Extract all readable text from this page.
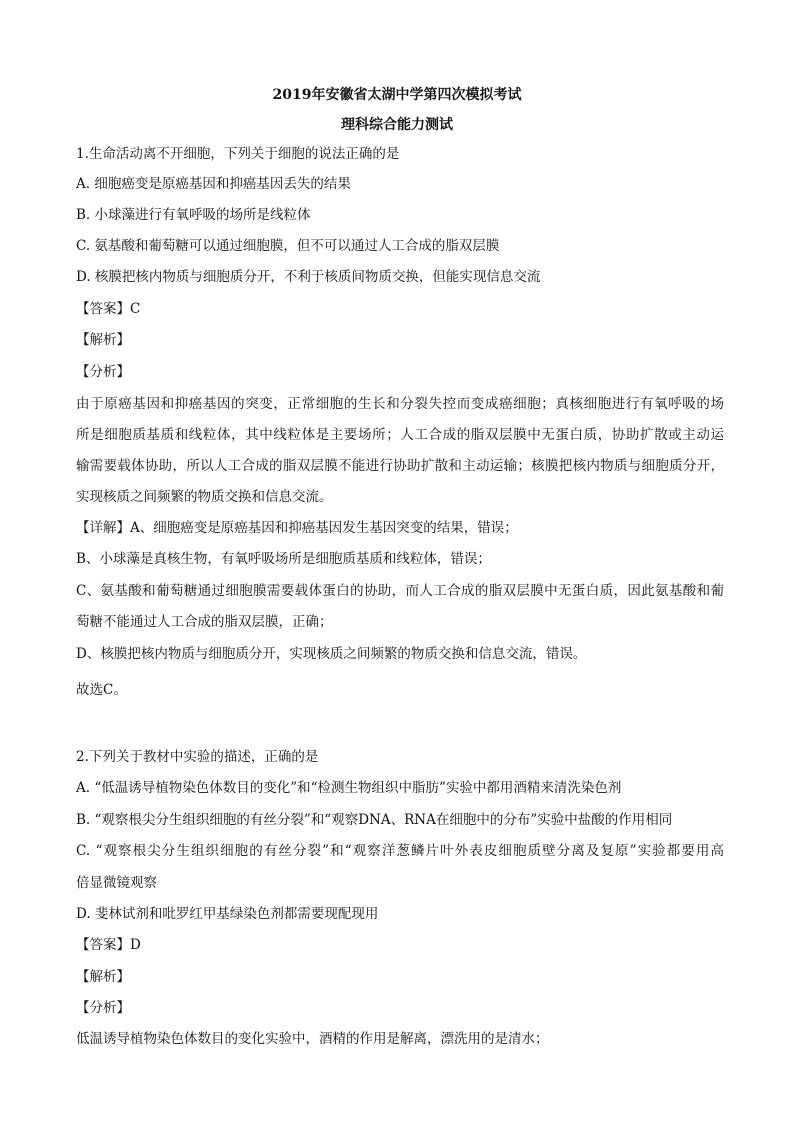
2019年安徽省太湖中学第四次模拟考试
理科综合能力测试
1.生命活动离不开细胞，下列关于细胞的说法正确的是
A. 细胞癌变是原癌基因和抑癌基因丢失的结果
B. 小球藻进行有氧呼吸的场所是线粒体
C. 氨基酸和葡萄糖可以通过细胞膜，但不可以通过人工合成的脂双层膜
D. 核膜把核内物质与细胞质分开，不利于核质间物质交换，但能实现信息交流
【答案】C
【解析】
【分析】
由于原癌基因和抑癌基因的突变，正常细胞的生长和分裂失控而变成癌细胞；真核细胞进行有氧呼吸的场
所是细胞质基质和线粒体，其中线粒体是主要场所；人工合成的脂双层膜中无蛋白质，协助扩散或主动运
输需要载体协助，所以人工合成的脂双层膜不能进行协助扩散和主动运输；核膜把核内物质与细胞质分开，
实现核质之间频繁的物质交换和信息交流。
【详解】A、细胞癌变是原癌基因和抑癌基因发生基因突变的结果，错误；
B、小球藻是真核生物，有氧呼吸场所是细胞质基质和线粒体，错误；
C、氨基酸和葡萄糖通过细胞膜需要载体蛋白的协助，而人工合成的脂双层膜中无蛋白质，因此氨基酸和葡
萄糖不能通过人工合成的脂双层膜，正确；
D、核膜把核内物质与细胞质分开，实现核质之间频繁的物质交换和信息交流，错误。
故选C。
2.下列关于教材中实验的描述，正确的是
A. “低温诱导植物染色体数目的变化”和“检测生物组织中脂肪”实验中都用酒精来清洗染色剂
B. “观察根尖分生组织细胞的有丝分裂”和“观察DNA、RNA在细胞中的分布”实验中盐酸的作用相同
C. “观察根尖分生组织细胞的有丝分裂”和“观察洋葱鳞片叶外表皮细胞质壁分离及复原”实验都要用高
倍显微镜观察
D. 斐林试剂和吡罗红甲基绿染色剂都需要现配现用
【答案】D
【解析】
【分析】
低温诱导植物染色体数目的变化实验中，酒精的作用是解离，漂洗用的是清水；
